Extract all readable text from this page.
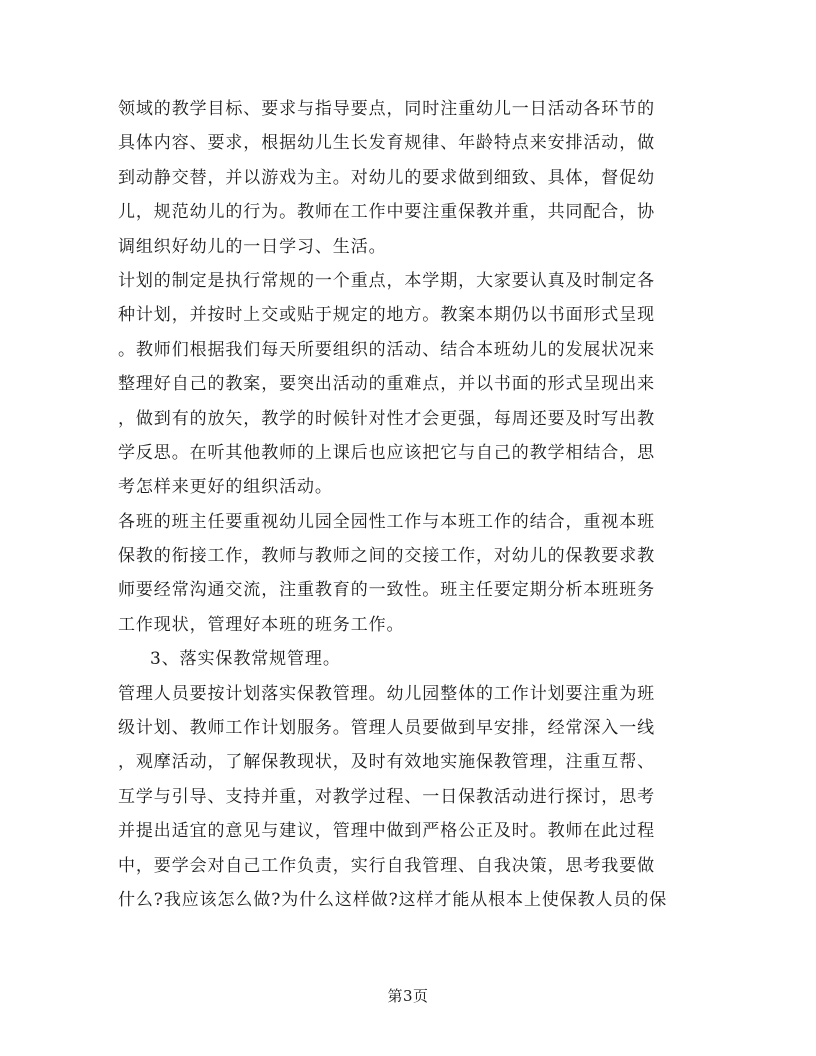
领域的教学目标、要求与指导要点，同时注重幼儿一日活动各环节的
具体内容、要求，根据幼儿生长发育规律、年龄特点来安排活动，做
到动静交替，并以游戏为主。对幼儿的要求做到细致、具体，督促幼
儿，规范幼儿的行为。教师在工作中要注重保教并重，共同配合，协
调组织好幼儿的一日学习、生活。
计划的制定是执行常规的一个重点，本学期，大家要认真及时制定各
种计划，并按时上交或贴于规定的地方。教案本期仍以书面形式呈现
。教师们根据我们每天所要组织的活动、结合本班幼儿的发展状况来
整理好自己的教案，要突出活动的重难点，并以书面的形式呈现出来
，做到有的放矢，教学的时候针对性才会更强，每周还要及时写出教
学反思。在听其他教师的上课后也应该把它与自己的教学相结合，思
考怎样来更好的组织活动。
各班的班主任要重视幼儿园全园性工作与本班工作的结合，重视本班
保教的衔接工作，教师与教师之间的交接工作，对幼儿的保教要求教
师要经常沟通交流，注重教育的一致性。班主任要定期分析本班班务
工作现状，管理好本班的班务工作。
3、落实保教常规管理。
管理人员要按计划落实保教管理。幼儿园整体的工作计划要注重为班
级计划、教师工作计划服务。管理人员要做到早安排，经常深入一线
，观摩活动，了解保教现状，及时有效地实施保教管理，注重互帮、
互学与引导、支持并重，对教学过程、一日保教活动进行探讨，思考
并提出适宜的意见与建议，管理中做到严格公正及时。教师在此过程
中，要学会对自己工作负责，实行自我管理、自我决策，思考我要做
什么?我应该怎么做?为什么这样做?这样才能从根本上使保教人员的保
第3页
